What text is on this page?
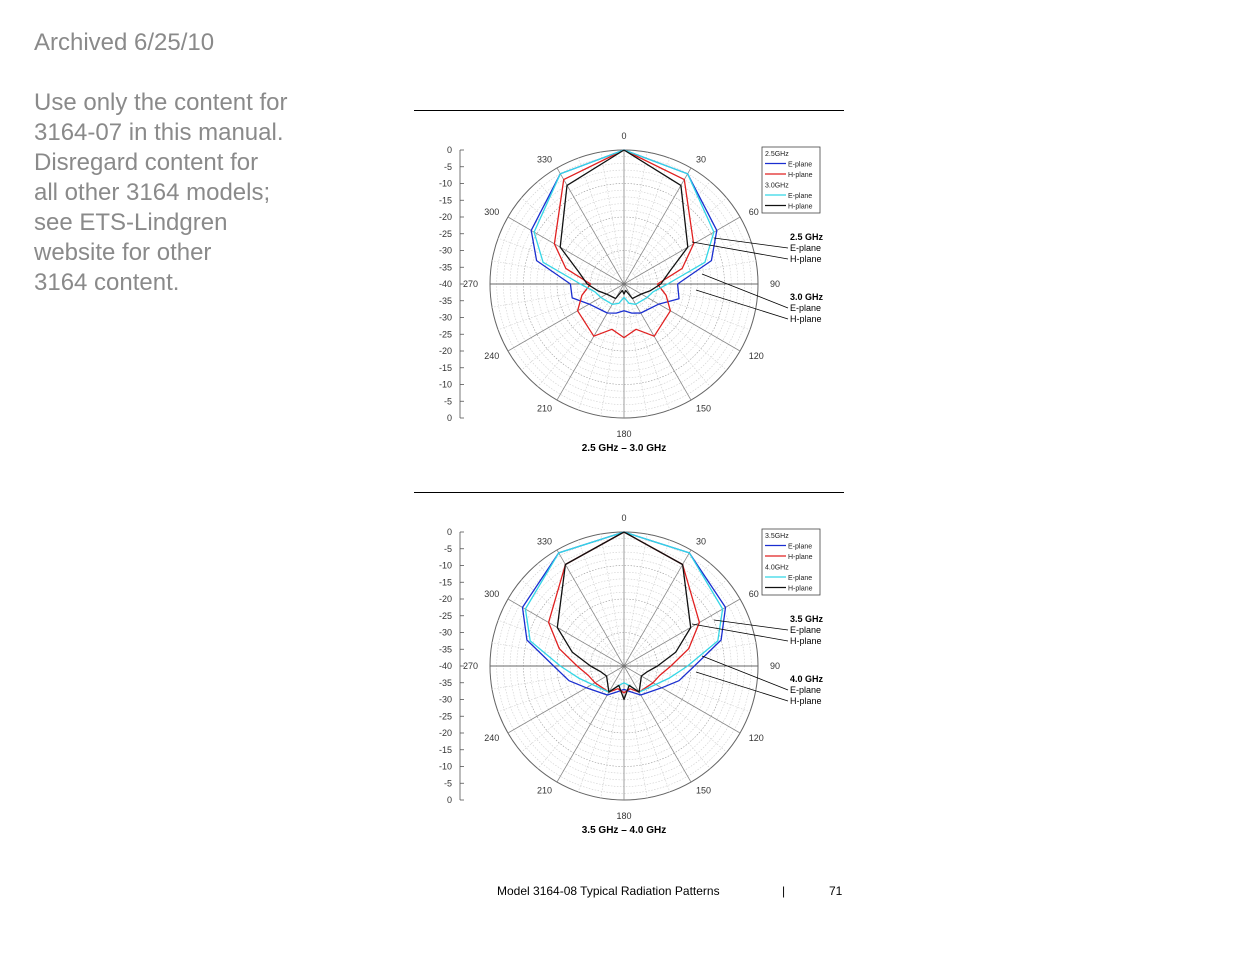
Archived 6/25/10
Use only the content for
3164-07 in this manual.
Disregard content for
all other 3164 models;
see ETS-Lindgren
website for other
3164 content.
0
30
60
90
120
150
180
210
240
270
300
330
0
-5
-10
-15
-20
-25
-30
-35
-40
-35
-30
-25
-20
-15
-10
-5
0
2.5GHz
E-plane
H-plane
3.0GHz
E-plane
H-plane
2.5 GHz
E-plane
H-plane
3.0 GHz
E-plane
H-plane
2.5 GHz – 3.0 GHz
0
30
60
90
120
150
180
210
240
270
300
330
0
-5
-10
-15
-20
-25
-30
-35
-40
-35
-30
-25
-20
-15
-10
-5
0
3.5GHz
E-plane
H-plane
4.0GHz
E-plane
H-plane
3.5 GHz
E-plane
H-plane
4.0 GHz
E-plane
H-plane
3.5 GHz – 4.0 GHz
Model 3164-08 Typical Radiation Patterns	|	71
